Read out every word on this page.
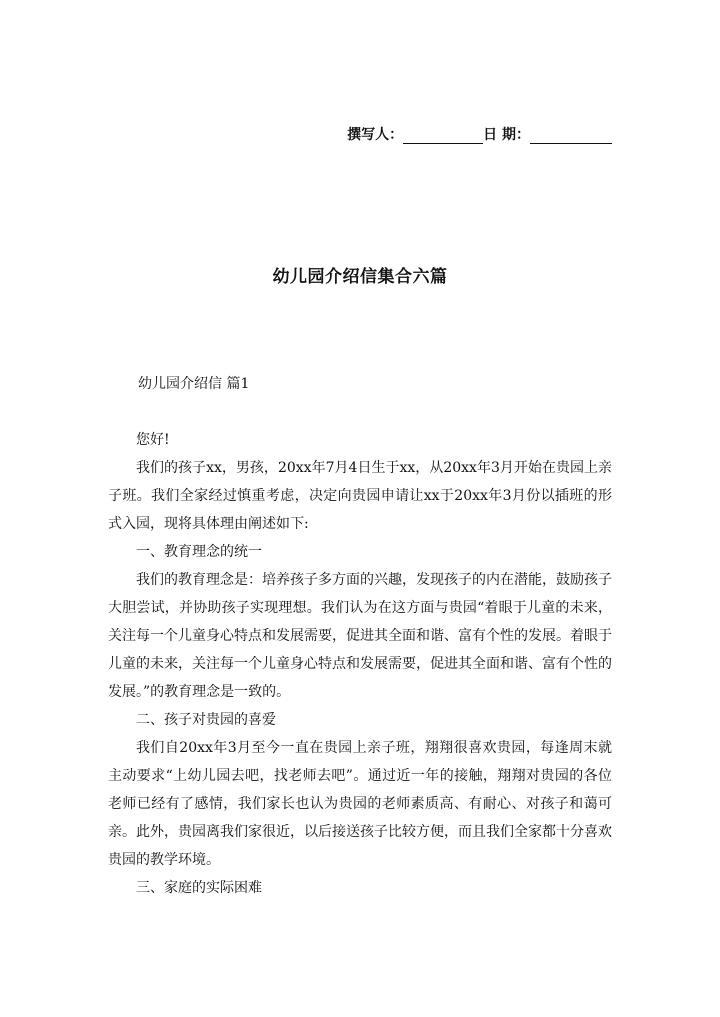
撰写人：	日 期：
幼儿园介绍信集合六篇
幼儿园介绍信 篇1

您好!

我们的孩子xx，男孩，20xx年7月4日生于xx，从20xx年3月开始在贵园上亲子班。我们全家经过慎重考虑，决定向贵园申请让xx于20xx年3月份以插班的形式入园，现将具体理由阐述如下:

一、教育理念的统一

我们的教育理念是：培养孩子多方面的兴趣，发现孩子的内在潜能，鼓励孩子大胆尝试，并协助孩子实现理想。我们认为在这方面与贵园“着眼于儿童的未来，关注每一个儿童身心特点和发展需要，促进其全面和谐、富有个性的发展。着眼于儿童的未来，关注每一个儿童身心特点和发展需要，促进其全面和谐、富有个性的发展。”的教育理念是一致的。

二、孩子对贵园的喜爱

我们自20xx年3月至今一直在贵园上亲子班，翔翔很喜欢贵园，每逢周末就主动要求“上幼儿园去吧，找老师去吧”。通过近一年的接触，翔翔对贵园的各位老师已经有了感情，我们家长也认为贵园的老师素质高、有耐心、对孩子和蔼可亲。此外，贵园离我们家很近，以后接送孩子比较方便，而且我们全家都十分喜欢贵园的教学环境。

三、家庭的实际困难
